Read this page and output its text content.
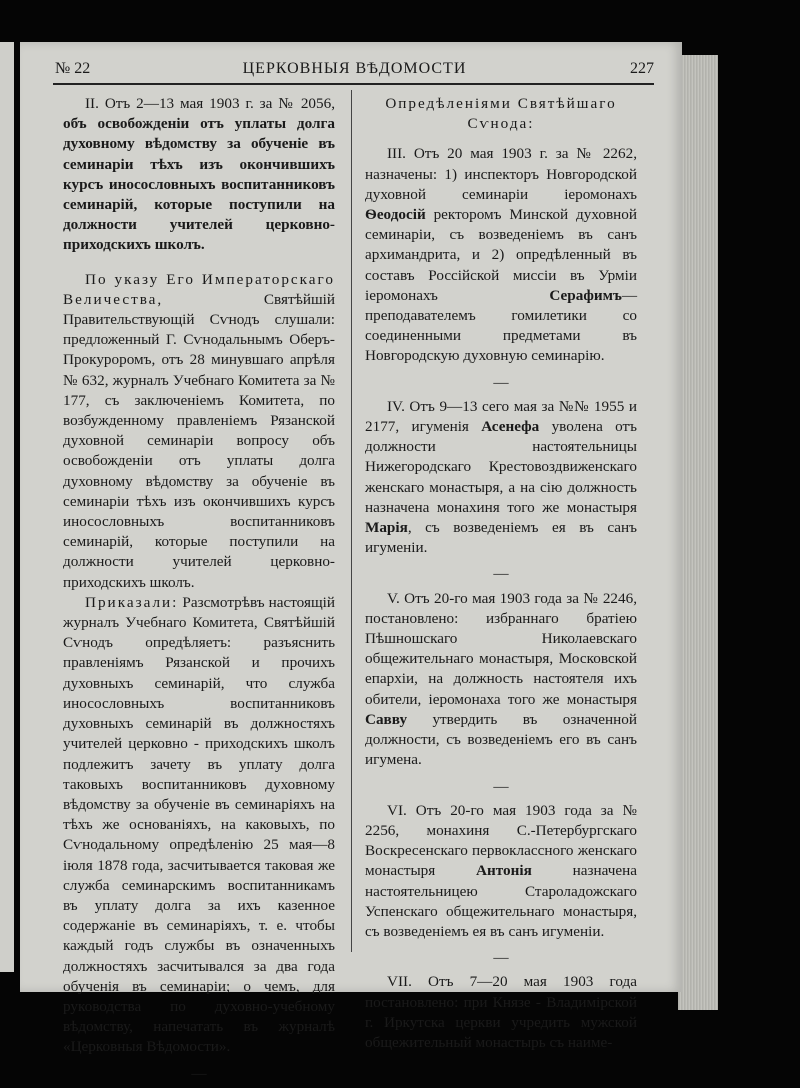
№ 22	ЦЕРКОВНЫЯ ВѢДОМОСТИ	227

II. Отъ 2—13 мая 1903 г. за № 2056, объ освобожденіи отъ уплаты долга духовному вѣдомству за обученіе въ семинаріи тѣхъ изъ окончившихъ курсъ иносословныхъ воспитанниковъ семинарій, которые поступили на должности учителей церковно-приходскихъ школъ.

По указу Его Императорскаго Величества, Святѣйшій Правительствующій Сѵнодъ слушали: предложенный Г. Сѵнодальнымъ Оберъ-Прокуроромъ, отъ 28 минувшаго апрѣля № 632, журналъ Учебнаго Комитета за № 177, съ заключеніемъ Комитета, по возбужденному правленіемъ Рязанской духовной семинаріи вопросу объ освобожденіи отъ уплаты долга духовному вѣдомству за обученіе въ семинаріи тѣхъ изъ окончившихъ курсъ иносословныхъ воспитанниковъ семинарій, которые поступили на должности учителей церковно-приходскихъ школъ.

Приказали: Разсмотрѣвъ настоящій журналъ Учебнаго Комитета, Святѣйшій Сѵнодъ опредѣляетъ: разъяснить правленіямъ Рязанской и прочихъ духовныхъ семинарій, что служба иносословныхъ воспитанниковъ духовныхъ семинарій въ должностяхъ учителей церковно - приходскихъ школъ подлежитъ зачету въ уплату долга таковыхъ воспитанниковъ духовному вѣдомству за обученіе въ семинаріяхъ на тѣхъ же основаніяхъ, на каковыхъ, по Сѵнодальному опредѣленію 25 мая—8 іюля 1878 года, засчитывается таковая же служба семинарскимъ воспитанникамъ въ уплату долга за ихъ казенное содержаніе въ семинаріяхъ, т. е. чтобы каждый годъ службы въ означенныхъ должностяхъ засчитывался за два года обученія въ семинаріи; о чемъ, для руководства по духовно-учебному вѣдомству, напечатать въ журналѣ «Церковныя Вѣдомости».

—

Опредѣленіями Святѣйшаго Сѵнода:

III. Отъ 20 мая 1903 г. за № 2262, назначены: 1) инспекторъ Новгородской духовной семинаріи іеромонахъ Ѳеодосій ректоромъ Минской духовной семинаріи, съ возведеніемъ въ санъ архимандрита, и 2) опредѣленный въ составъ Россійской миссіи въ Урміи іеромонахъ Серафимъ—преподавателемъ гомилетики со соединенными предметами въ Новгородскую духовную семинарію.

—

IV. Отъ 9—13 сего мая за №№ 1955 и 2177, игуменія Асенефа уволена отъ должности настоятельницы Нижегородскаго Крестовоздвиженскаго женскаго монастыря, а на сію должность назначена монахиня того же монастыря Марія, съ возведеніемъ ея въ санъ игуменіи.

—

V. Отъ 20-го мая 1903 года за № 2246, постановлено: избраннаго братіею Пѣшношскаго Николаевскаго общежительнаго монастыря, Московской епархіи, на должность настоятеля ихъ обители, іеромонаха того же монастыря Савву утвердить въ означенной должности, съ возведеніемъ его въ санъ игумена.

—

VI. Отъ 20-го мая 1903 года за № 2256, монахиня С.-Петербургскаго Воскресенскаго первоклассного женскаго монастыря Антонія назначена настоятельницею Староладожскаго Успенскаго общежительнаго монастыря, съ возведеніемъ ея въ санъ игуменіи.

—

VII. Отъ 7—20 мая 1903 года постановлено: при Князе - Владимірской г. Иркутска церкви учредить мужской общежительный монастырь съ наиме-
